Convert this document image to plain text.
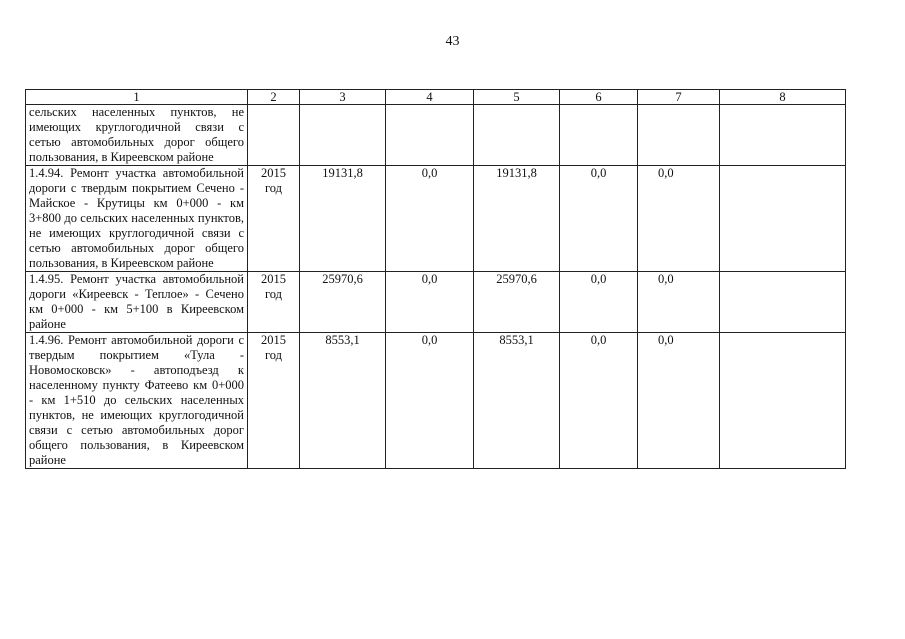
43
1	2	3	4	5	6	7	8
сельских населенных пунктов, не имеющих круглогодичной связи с сетью автомобильных дорог общего пользования, в Киреевском районе							
1.4.94. Ремонт участка автомобильной дороги с твердым покрытием Сечено - Майское - Крутицы км 0+000 - км 3+800 до сельских населенных пунктов, не имеющих круглогодичной связи с сетью автомобильных дорог общего пользования, в Киреевском районе	2015 год	19131,8	0,0	19131,8	0,0	0,0	
1.4.95. Ремонт участка автомобильной дороги «Киреевск - Теплое» - Сечено км 0+000 - км 5+100 в Киреевском районе	2015 год	25970,6	0,0	25970,6	0,0	0,0	
1.4.96. Ремонт автомобильной дороги с твердым покрытием «Тула - Новомосковск» - автоподъезд к населенному пункту Фатеево км 0+000 - км 1+510 до сельских населенных пунктов, не имеющих круглогодичной связи с сетью автомобильных дорог общего пользования, в Киреевском районе	2015 год	8553,1	0,0	8553,1	0,0	0,0	
